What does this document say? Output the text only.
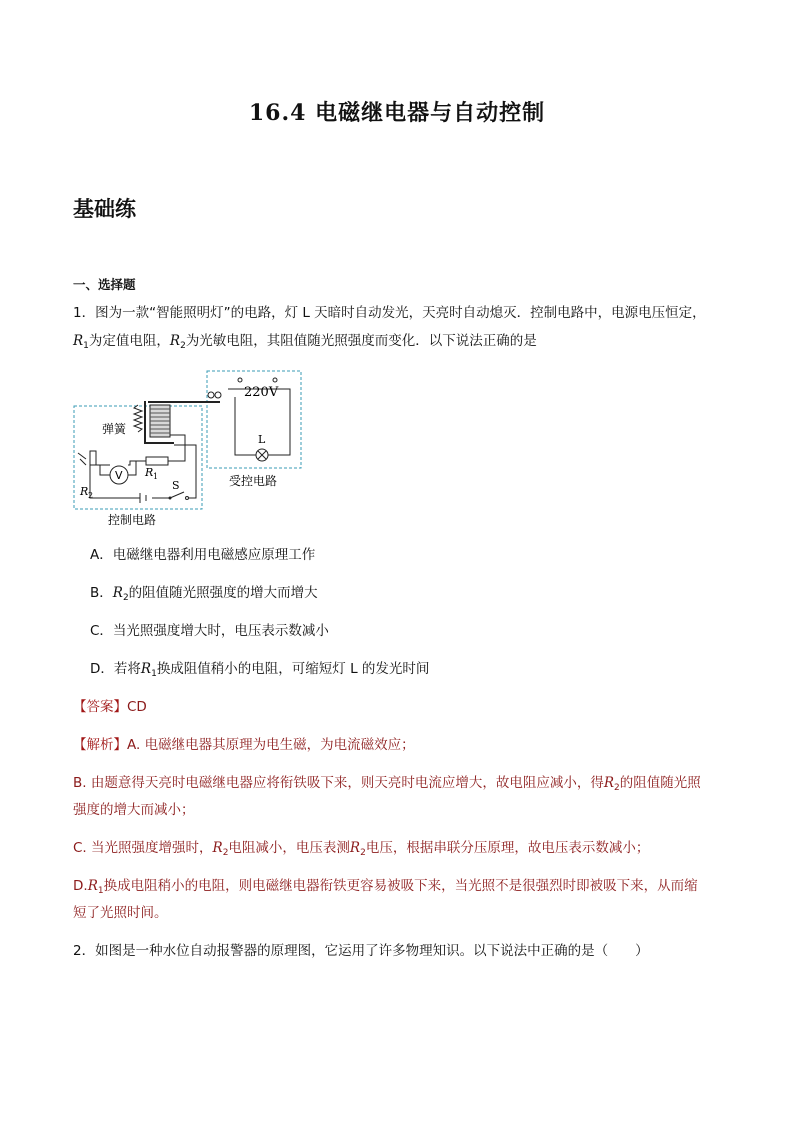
16.4 电磁继电器与自动控制
基础练
一、选择题
1．图为一款“智能照明灯”的电路，灯 L 天暗时自动发光，天亮时自动熄灭．控制电路中，电源电压恒定，
$R_1$为定值电阻，$R_2$为光敏电阻，其阻值随光照强度而变化．以下说法正确的是
220V
L
受控电路
弹簧
V R 1
R 2
S
控制电路
A．电磁继电器利用电磁感应原理工作
B．$R_2$的阻值随光照强度的增大而增大
C．当光照强度增大时，电压表示数减小
D．若将$R_1$换成阻值稍小的电阻，可缩短灯 L 的发光时间
【答案】CD
【解析】A. 电磁继电器其原理为电生磁，为电流磁效应；
B. 由题意得天亮时电磁继电器应将衔铁吸下来，则天亮时电流应增大，故电阻应减小，得$R_2$的阻值随光照
强度的增大而减小；
C. 当光照强度增强时，$R_2$电阻减小，电压表测$R_2$电压，根据串联分压原理，故电压表示数减小；
$D.R_1$换成电阻稍小的电阻，则电磁继电器衔铁更容易被吸下来，当光照不是很强烈时即被吸下来，从而缩
短了光照时间。
2．如图是一种水位自动报警器的原理图，它运用了许多物理知识。以下说法中正确的是（　　）
